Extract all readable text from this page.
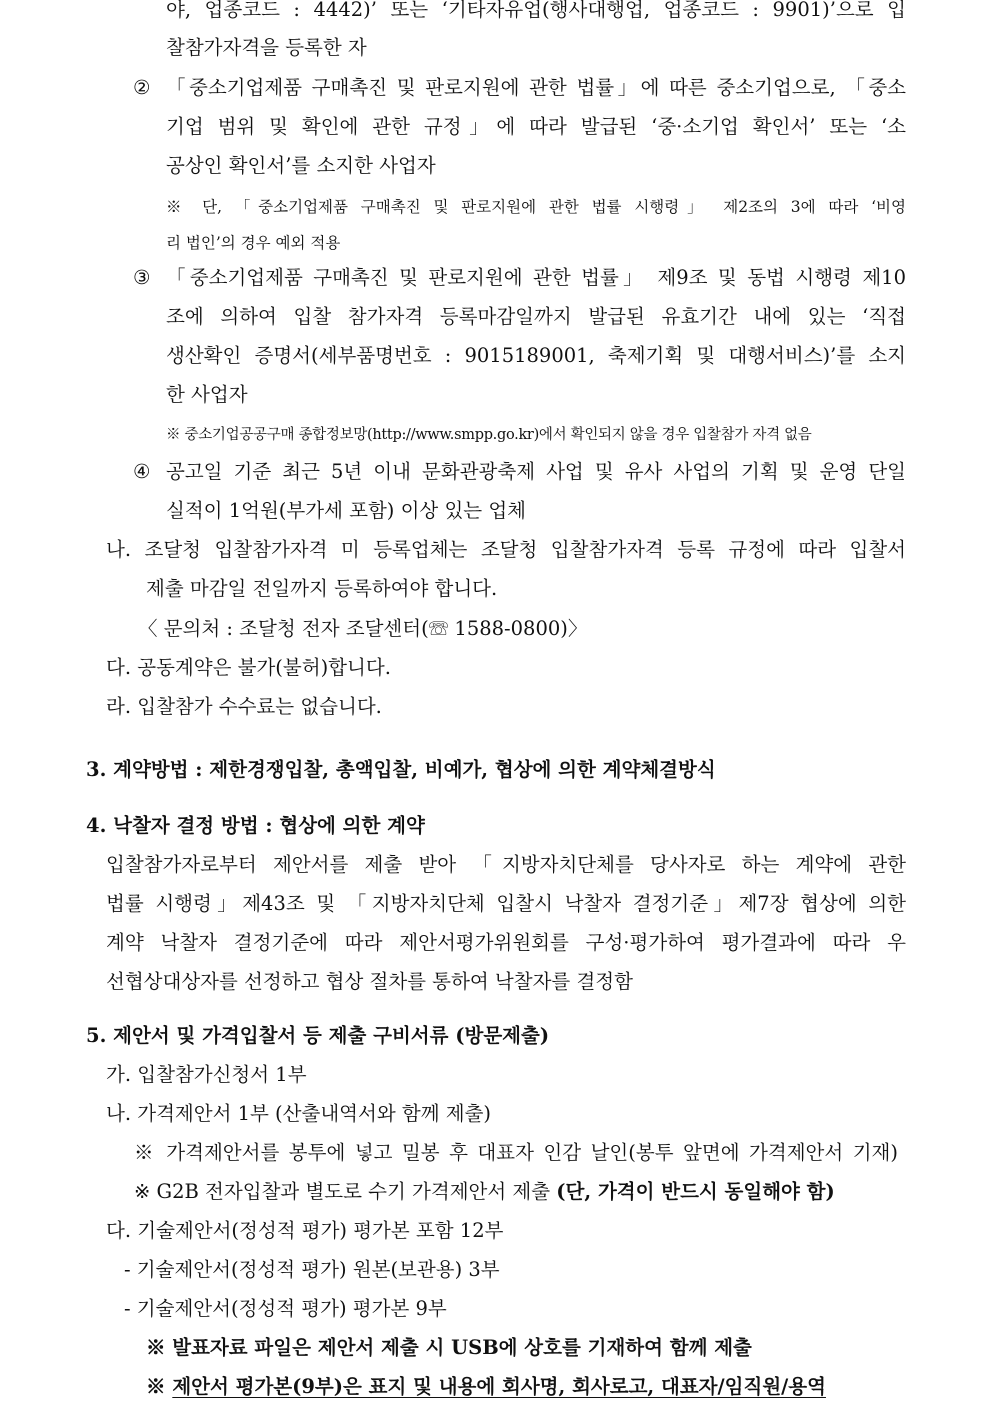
야, 업종코드 : 4442)’ 또는 ‘기타자유업(행사대행업, 업종코드 : 9901)’으로 입

찰참가자격을 등록한 자

② 「중소기업제품 구매촉진 및 판로지원에 관한 법률」에 따른 중소기업으로, 「중소

기업 범위 및 확인에 관한 규정」에 따라 발급된 ‘중·소기업 확인서’ 또는 ‘소

공상인 확인서’를 소지한 사업자

※ 단, 「중소기업제품 구매촉진 및 판로지원에 관한 법률 시행령」 제2조의 3에 따라 ‘비영

리 법인’의 경우 예외 적용

③ 「중소기업제품 구매촉진 및 판로지원에 관한 법률」 제9조 및 동법 시행령 제10

조에 의하여 입찰 참가자격 등록마감일까지 발급된 유효기간 내에 있는 ‘직접

생산확인 증명서(세부품명번호 : 9015189001, 축제기획 및 대행서비스)’를 소지

한 사업자

※ 중소기업공공구매 종합정보망(http://www.smpp.go.kr)에서 확인되지 않을 경우 입찰참가 자격 없음

④ 공고일 기준 최근 5년 이내 문화관광축제 사업 및 유사 사업의 기획 및 운영 단일

실적이 1억원(부가세 포함) 이상 있는 업체

나. 조달청 입찰참가자격 미 등록업체는 조달청 입찰참가자격 등록 규정에 따라 입찰서

제출 마감일 전일까지 등록하여야 합니다.

〈 문의처 : 조달청 전자 조달센터(☏ 1588-0800)〉

다. 공동계약은 불가(불허)합니다.

라. 입찰참가 수수료는 없습니다.

3. 계약방법 : 제한경쟁입찰, 총액입찰, 비예가, 협상에 의한 계약체결방식

4. 낙찰자 결정 방법 : 협상에 의한 계약

입찰참가자로부터 제안서를 제출 받아 「지방자치단체를 당사자로 하는 계약에 관한

법률 시행령」제43조 및 「지방자치단체 입찰시 낙찰자 결정기준」제7장 협상에 의한

계약 낙찰자 결정기준에 따라 제안서평가위원회를 구성·평가하여 평가결과에 따라 우

선협상대상자를 선정하고 협상 절차를 통하여 낙찰자를 결정함

5. 제안서 및 가격입찰서 등 제출 구비서류 (방문제출)

가. 입찰참가신청서 1부

나. 가격제안서 1부 (산출내역서와 함께 제출)

※ 가격제안서를 봉투에 넣고 밀봉 후 대표자 인감 날인(봉투 앞면에 가격제안서 기재)

※ G2B 전자입찰과 별도로 수기 가격제안서 제출 (단, 가격이 반드시 동일해야 함)

다. 기술제안서(정성적 평가) 평가본 포함 12부

- 기술제안서(정성적 평가) 원본(보관용) 3부

- 기술제안서(정성적 평가) 평가본 9부

※ 발표자료 파일은 제안서 제출 시 USB에 상호를 기재하여 함께 제출

※ 제안서 평가본(9부)은 표지 및 내용에 회사명, 회사로고, 대표자/임직원/용역
